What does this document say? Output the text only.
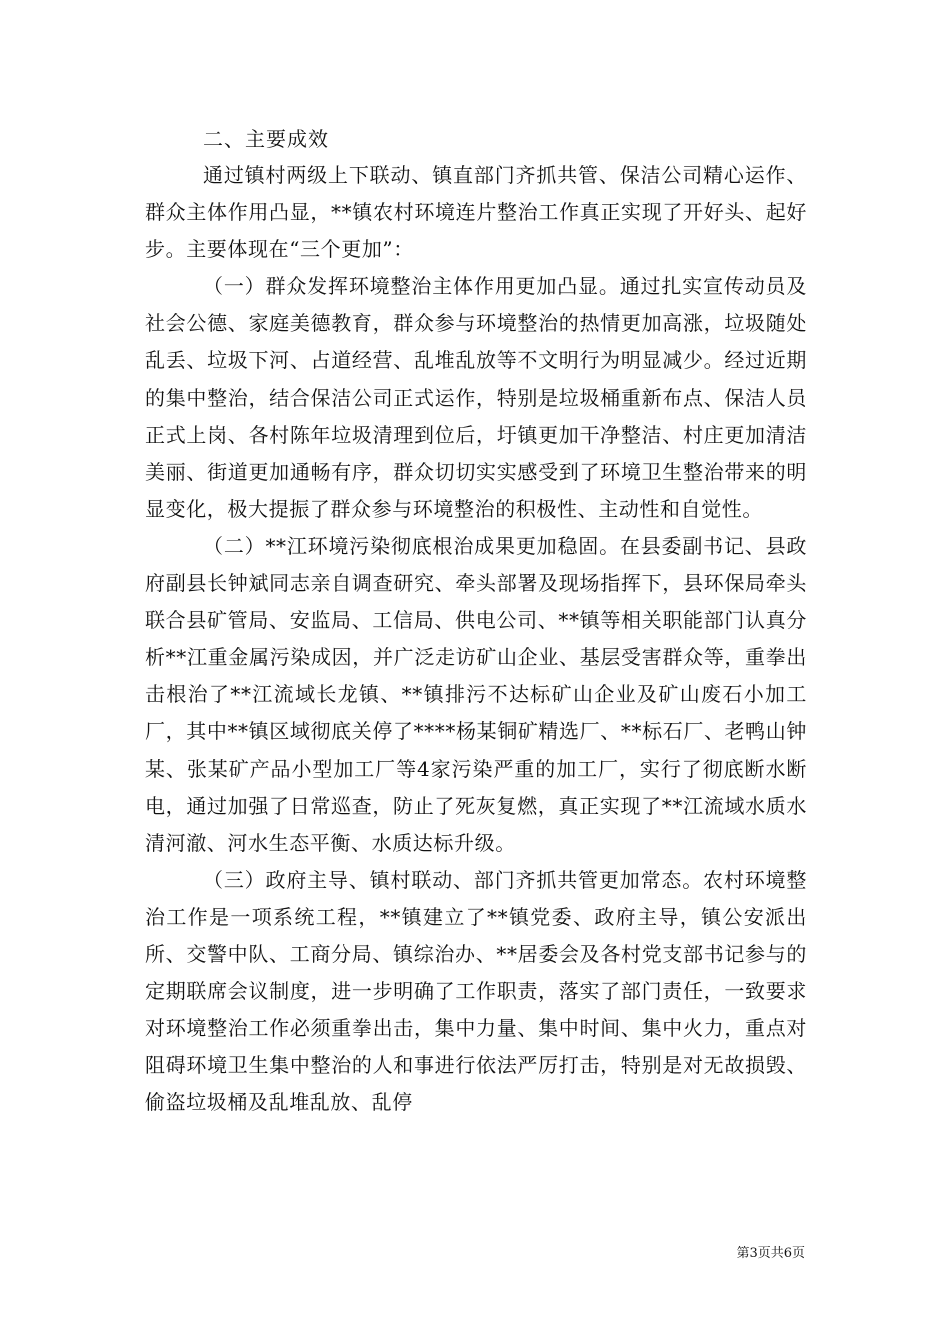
二、主要成效

通过镇村两级上下联动、镇直部门齐抓共管、保洁公司精心运作、群众主体作用凸显，**镇农村环境连片整治工作真正实现了开好头、起好步。主要体现在“三个更加”：

（一）群众发挥环境整治主体作用更加凸显。通过扎实宣传动员及社会公德、家庭美德教育，群众参与环境整治的热情更加高涨，垃圾随处乱丢、垃圾下河、占道经营、乱堆乱放等不文明行为明显减少。经过近期的集中整治，结合保洁公司正式运作，特别是垃圾桶重新布点、保洁人员正式上岗、各村陈年垃圾清理到位后，圩镇更加干净整洁、村庄更加清洁美丽、街道更加通畅有序，群众切切实实感受到了环境卫生整治带来的明显变化，极大提振了群众参与环境整治的积极性、主动性和自觉性。

（二）**江环境污染彻底根治成果更加稳固。在县委副书记、县政府副县长钟斌同志亲自调查研究、牵头部署及现场指挥下，县环保局牵头联合县矿管局、安监局、工信局、供电公司、**镇等相关职能部门认真分析**江重金属污染成因，并广泛走访矿山企业、基层受害群众等，重拳出击根治了**江流域长龙镇、**镇排污不达标矿山企业及矿山废石小加工厂，其中**镇区域彻底关停了****杨某铜矿精选厂、**标石厂、老鸭山钟某、张某矿产品小型加工厂等4家污染严重的加工厂，实行了彻底断水断电，通过加强了日常巡查，防止了死灰复燃，真正实现了**江流域水质水清河澈、河水生态平衡、水质达标升级。

（三）政府主导、镇村联动、部门齐抓共管更加常态。农村环境整治工作是一项系统工程，**镇建立了**镇党委、政府主导，镇公安派出所、交警中队、工商分局、镇综治办、**居委会及各村党支部书记参与的定期联席会议制度，进一步明确了工作职责，落实了部门责任，一致要求对环境整治工作必须重拳出击，集中力量、集中时间、集中火力，重点对阻碍环境卫生集中整治的人和事进行依法严厉打击，特别是对无故损毁、偷盗垃圾桶及乱堆乱放、乱停

第3页共6页
